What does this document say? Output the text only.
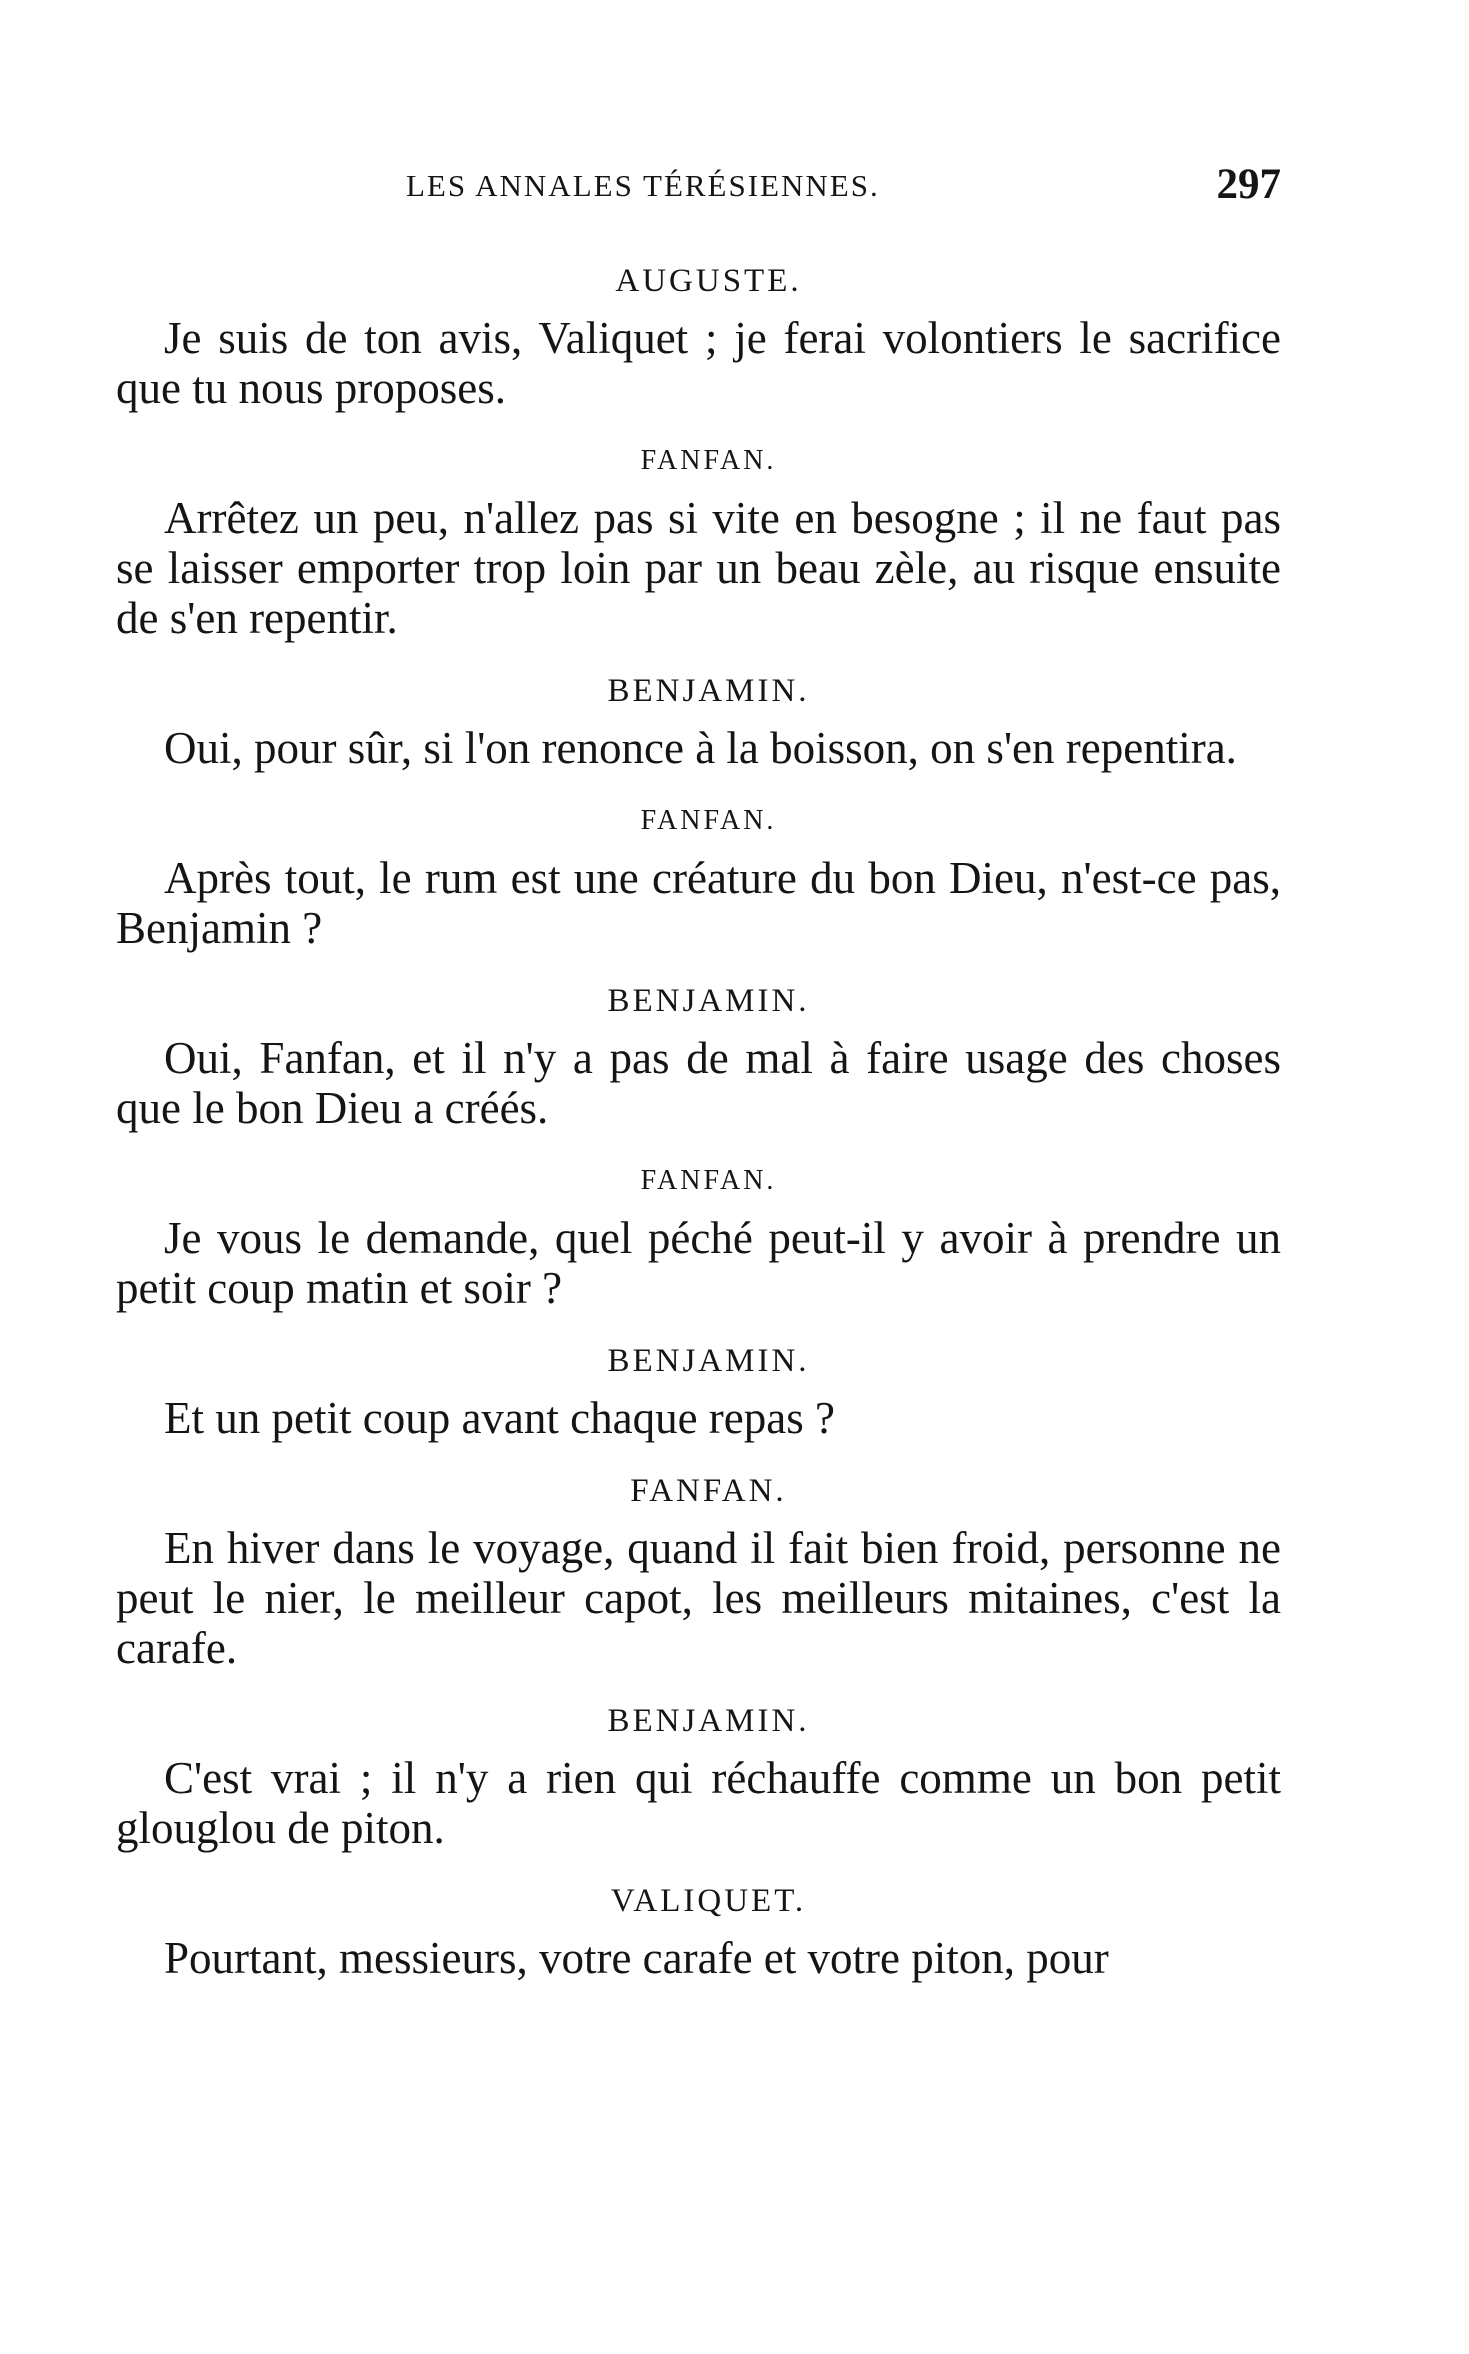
LES ANNALES TÉRÉSIENNES.	297
AUGUSTE.

Je suis de ton avis, Valiquet ; je ferai volontiers le sacrifice que tu nous proposes.

FANFAN.

Arrêtez un peu, n'allez pas si vite en besogne ; il ne faut pas se laisser emporter trop loin par un beau zèle, au risque ensuite de s'en repentir.

BENJAMIN.

Oui, pour sûr, si l'on renonce à la boisson, on s'en repentira.

FANFAN.

Après tout, le rum est une créature du bon Dieu, n'est-ce pas, Benjamin ?

BENJAMIN.

Oui, Fanfan, et il n'y a pas de mal à faire usage des choses que le bon Dieu a créés.

FANFAN.

Je vous le demande, quel péché peut-il y avoir à prendre un petit coup matin et soir ?

BENJAMIN.

Et un petit coup avant chaque repas ?

FANFAN.

En hiver dans le voyage, quand il fait bien froid, personne ne peut le nier, le meilleur capot, les meilleurs mitaines, c'est la carafe.

BENJAMIN.

C'est vrai ; il n'y a rien qui réchauffe comme un bon petit glouglou de piton.

VALIQUET.

Pourtant, messieurs, votre carafe et votre piton, pour
